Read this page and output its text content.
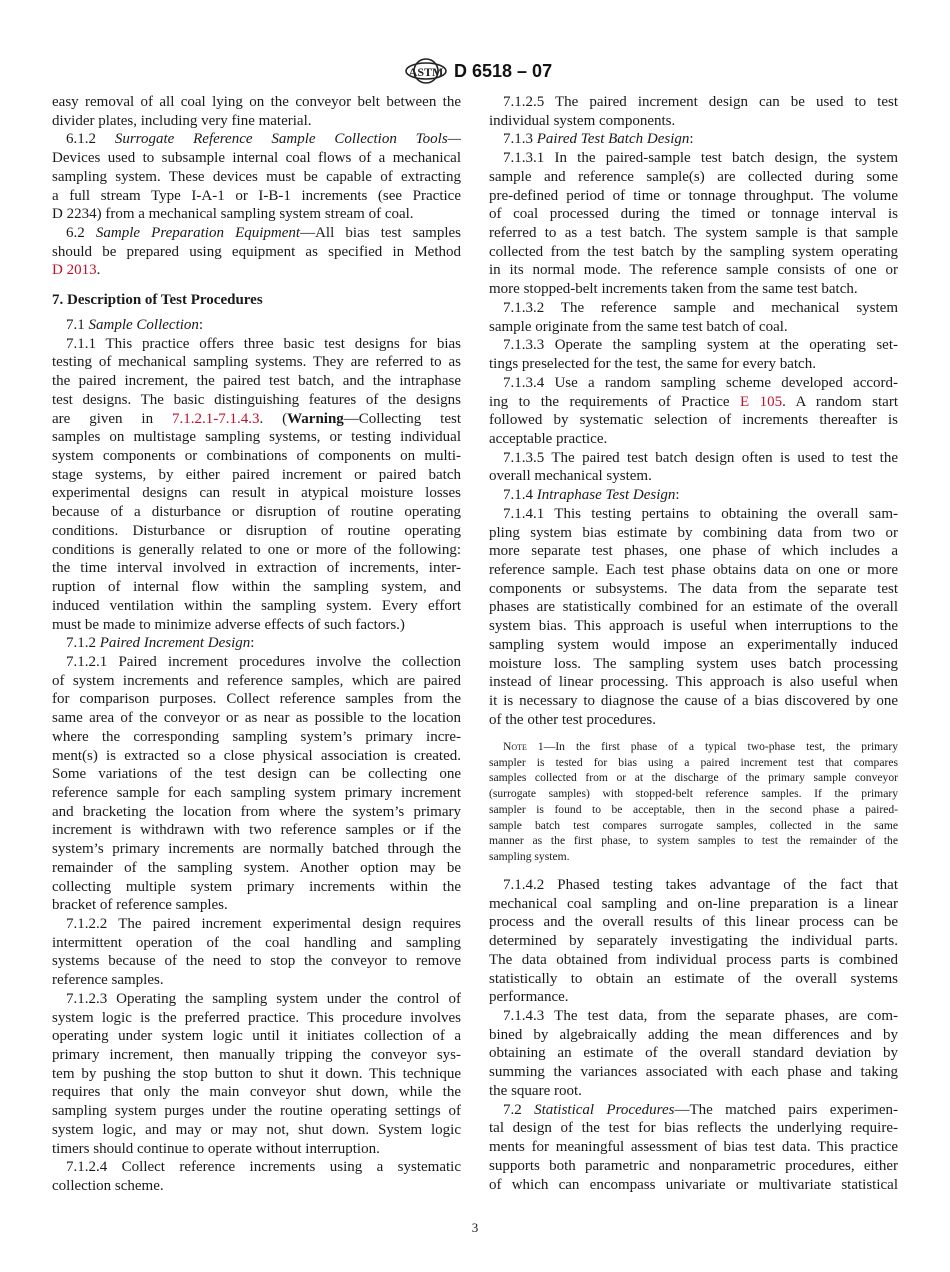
ASTM D 6518 – 07
easy removal of all coal lying on the conveyor belt between the
divider plates, including very fine material.
6.1.2 Surrogate Reference Sample Collection Tools—
Devices used to subsample internal coal flows of a mechanical
sampling system. These devices must be capable of extracting
a full stream Type I-A-1 or I-B-1 increments (see Practice
D 2234) from a mechanical sampling system stream of coal.
6.2 Sample Preparation Equipment—All bias test samples
should be prepared using equipment as specified in Method
D 2013.
7. Description of Test Procedures
7.1 Sample Collection:
7.1.1 This practice offers three basic test designs for bias
testing of mechanical sampling systems. They are referred to as
the paired increment, the paired test batch, and the intraphase
test designs. The basic distinguishing features of the designs
are given in 7.1.2.1-7.1.4.3. (Warning—Collecting test
samples on multistage sampling systems, or testing individual
system components or combinations of components on multi-
stage systems, by either paired increment or paired batch
experimental designs can result in atypical moisture losses
because of a disturbance or disruption of routine operating
conditions. Disturbance or disruption of routine operating
conditions is generally related to one or more of the following:
the time interval involved in extraction of increments, inter-
ruption of internal flow within the sampling system, and
induced ventilation within the sampling system. Every effort
must be made to minimize adverse effects of such factors.)
7.1.2 Paired Increment Design:
7.1.2.1 Paired increment procedures involve the collection
of system increments and reference samples, which are paired
for comparison purposes. Collect reference samples from the
same area of the conveyor or as near as possible to the location
where the corresponding sampling system’s primary incre-
ment(s) is extracted so a close physical association is created.
Some variations of the test design can be collecting one
reference sample for each sampling system primary increment
and bracketing the location from where the system’s primary
increment is withdrawn with two reference samples or if the
system’s primary increments are normally batched through the
remainder of the sampling system. Another option may be
collecting multiple system primary increments within the
bracket of reference samples.
7.1.2.2 The paired increment experimental design requires
intermittent operation of the coal handling and sampling
systems because of the need to stop the conveyor to remove
reference samples.
7.1.2.3 Operating the sampling system under the control of
system logic is the preferred practice. This procedure involves
operating under system logic until it initiates collection of a
primary increment, then manually tripping the conveyor sys-
tem by pushing the stop button to shut it down. This technique
requires that only the main conveyor shut down, while the
sampling system purges under the routine operating settings of
system logic, and may or may not, shut down. System logic
timers should continue to operate without interruption.
7.1.2.4 Collect reference increments using a systematic
collection scheme.
7.1.2.5 The paired increment design can be used to test
individual system components.
7.1.3 Paired Test Batch Design:
7.1.3.1 In the paired-sample test batch design, the system
sample and reference sample(s) are collected during some
pre-defined period of time or tonnage throughput. The volume
of coal processed during the timed or tonnage interval is
referred to as a test batch. The system sample is that sample
collected from the test batch by the sampling system operating
in its normal mode. The reference sample consists of one or
more stopped-belt increments taken from the same test batch.
7.1.3.2 The reference sample and mechanical system
sample originate from the same test batch of coal.
7.1.3.3 Operate the sampling system at the operating set-
tings preselected for the test, the same for every batch.
7.1.3.4 Use a random sampling scheme developed accord-
ing to the requirements of Practice E 105. A random start
followed by systematic selection of increments thereafter is
acceptable practice.
7.1.3.5 The paired test batch design often is used to test the
overall mechanical system.
7.1.4 Intraphase Test Design:
7.1.4.1 This testing pertains to obtaining the overall sam-
pling system bias estimate by combining data from two or
more separate test phases, one phase of which includes a
reference sample. Each test phase obtains data on one or more
components or subsystems. The data from the separate test
phases are statistically combined for an estimate of the overall
system bias. This approach is useful when interruptions to the
sampling system would impose an experimentally induced
moisture loss. The sampling system uses batch processing
instead of linear processing. This approach is also useful when
it is necessary to diagnose the cause of a bias discovered by one
of the other test procedures.
Note 1—In the first phase of a typical two-phase test, the primary
sampler is tested for bias using a paired increment test that compares
samples collected from or at the discharge of the primary sample conveyor
(surrogate samples) with stopped-belt reference samples. If the primary
sampler is found to be acceptable, then in the second phase a paired-
sample batch test compares surrogate samples, collected in the same
manner as the first phase, to system samples to test the remainder of the
sampling system.
7.1.4.2 Phased testing takes advantage of the fact that
mechanical coal sampling and on-line preparation is a linear
process and the overall results of this linear process can be
determined by separately investigating the individual parts.
The data obtained from individual process parts is combined
statistically to obtain an estimate of the overall systems
performance.
7.1.4.3 The test data, from the separate phases, are com-
bined by algebraically adding the mean differences and by
obtaining an estimate of the overall standard deviation by
summing the variances associated with each phase and taking
the square root.
7.2 Statistical Procedures—The matched pairs experimen-
tal design of the test for bias reflects the underlying require-
ments for meaningful assessment of bias test data. This practice
supports both parametric and nonparametric procedures, either
of which can encompass univariate or multivariate statistical
3
